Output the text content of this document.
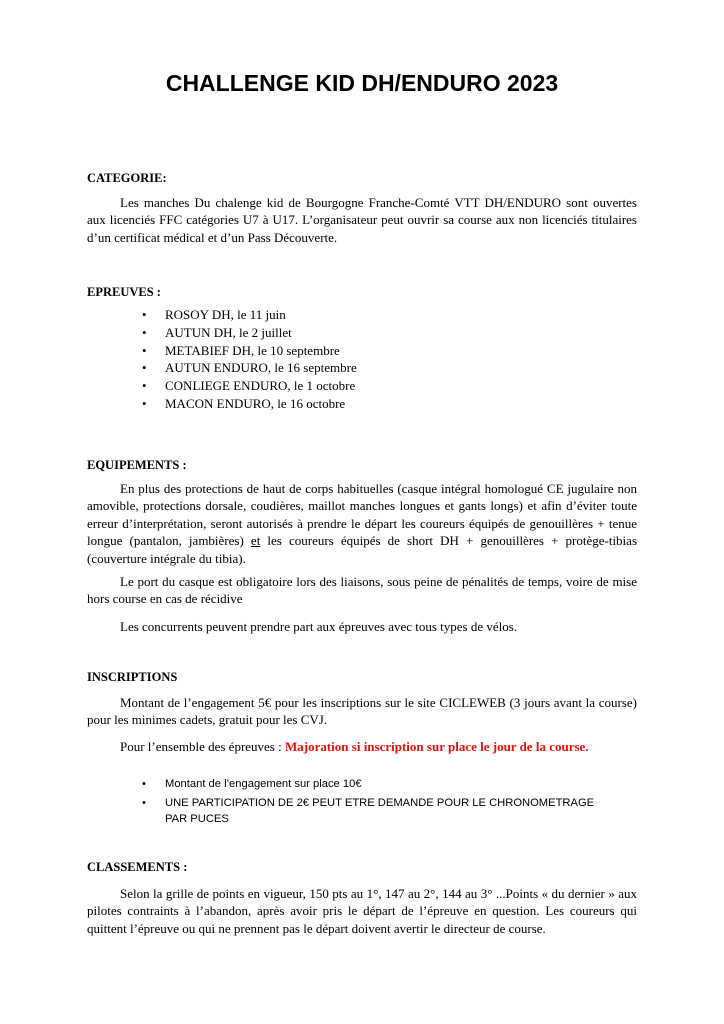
CHALLENGE KID DH/ENDURO 2023
CATEGORIE:
Les manches Du chalenge kid de Bourgogne Franche-Comté VTT DH/ENDURO sont ouvertes aux licenciés FFC catégories U7 à U17. L’organisateur peut ouvrir sa course aux non licenciés titulaires d’un certificat médical et d’un Pass Découverte.
EPREUVES :
• ROSOY DH, le 11 juin
• AUTUN DH, le 2 juillet
• METABIEF DH, le 10 septembre
• AUTUN ENDURO, le 16 septembre
• CONLIEGE ENDURO, le 1 octobre
• MACON ENDURO, le 16 octobre
EQUIPEMENTS :
En plus des protections de haut de corps habituelles (casque intégral homologué CE jugulaire non amovible, protections dorsale, coudières, maillot manches longues et gants longs) et afin d’éviter toute erreur d’interprétation, seront autorisés à prendre le départ les coureurs équipés de genouillères + tenue longue (pantalon, jambières) et les coureurs équipés de short DH + genouillères + protège-tibias (couverture intégrale du tibia).
Le port du casque est obligatoire lors des liaisons, sous peine de pénalités de temps, voire de mise hors course en cas de récidive
Les concurrents peuvent prendre part aux épreuves avec tous types de vélos.
INSCRIPTIONS
Montant de l’engagement 5€ pour les inscriptions sur le site CICLEWEB (3 jours avant la course) pour les minimes cadets, gratuit pour les CVJ.
Pour l’ensemble des épreuves : Majoration si inscription sur place le jour de la course.
• Montant de l’engagement sur place 10€
• UNE PARTICIPATION DE 2€ PEUT ETRE DEMANDE POUR LE CHRONOMETRAGE PAR PUCES
CLASSEMENTS :
Selon la grille de points en vigueur, 150 pts au 1°, 147 au 2°, 144 au 3° ...Points « du dernier » aux pilotes contraints à l’abandon, après avoir pris le départ de l’épreuve en question. Les coureurs qui quittent l’épreuve ou qui ne prennent pas le départ doivent avertir le directeur de course.
